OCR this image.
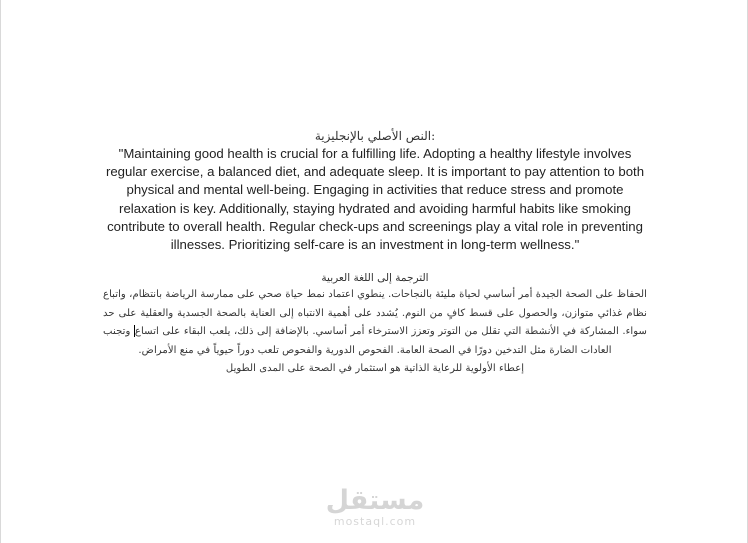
:النص الأصلي بالإنجليزية

"Maintaining good health is crucial for a fulfilling life. Adopting a healthy lifestyle involves regular exercise, a balanced diet, and adequate sleep. It is important to pay attention to both physical and mental well-being. Engaging in activities that reduce stress and promote relaxation is key. Additionally, staying hydrated and avoiding harmful habits like smoking contribute to overall health. Regular check-ups and screenings play a vital role in preventing illnesses. Prioritizing self-care is an investment in long-term wellness."

الترجمة إلى اللغة العربية

الحفاظ على الصحة الجيدة أمر أساسي لحياة مليئة بالنجاحات. ينطوي اعتماد نمط حياة صحي على ممارسة الرياضة بانتظام، واتباع نظام غذائي متوازن، والحصول على قسط كافٍ من النوم. يُشدد على أهمية الانتباه إلى العناية بالصحة الجسدية والعقلية على حد سواء. المشاركة في الأنشطة التي تقلل من التوتر وتعزز الاسترخاء أمر أساسي. بالإضافة إلى ذلك، يلعب البقاء على اتساع وتجنب العادات الضارة مثل التدخين دورًا في الصحة العامة. الفحوص الدورية والفحوص تلعب دوراً حيوياً في منع الأمراض.
إعطاء الأولوية للرعاية الذاتية هو استثمار في الصحة على المدى الطويل

مستقل
mostaql.com
